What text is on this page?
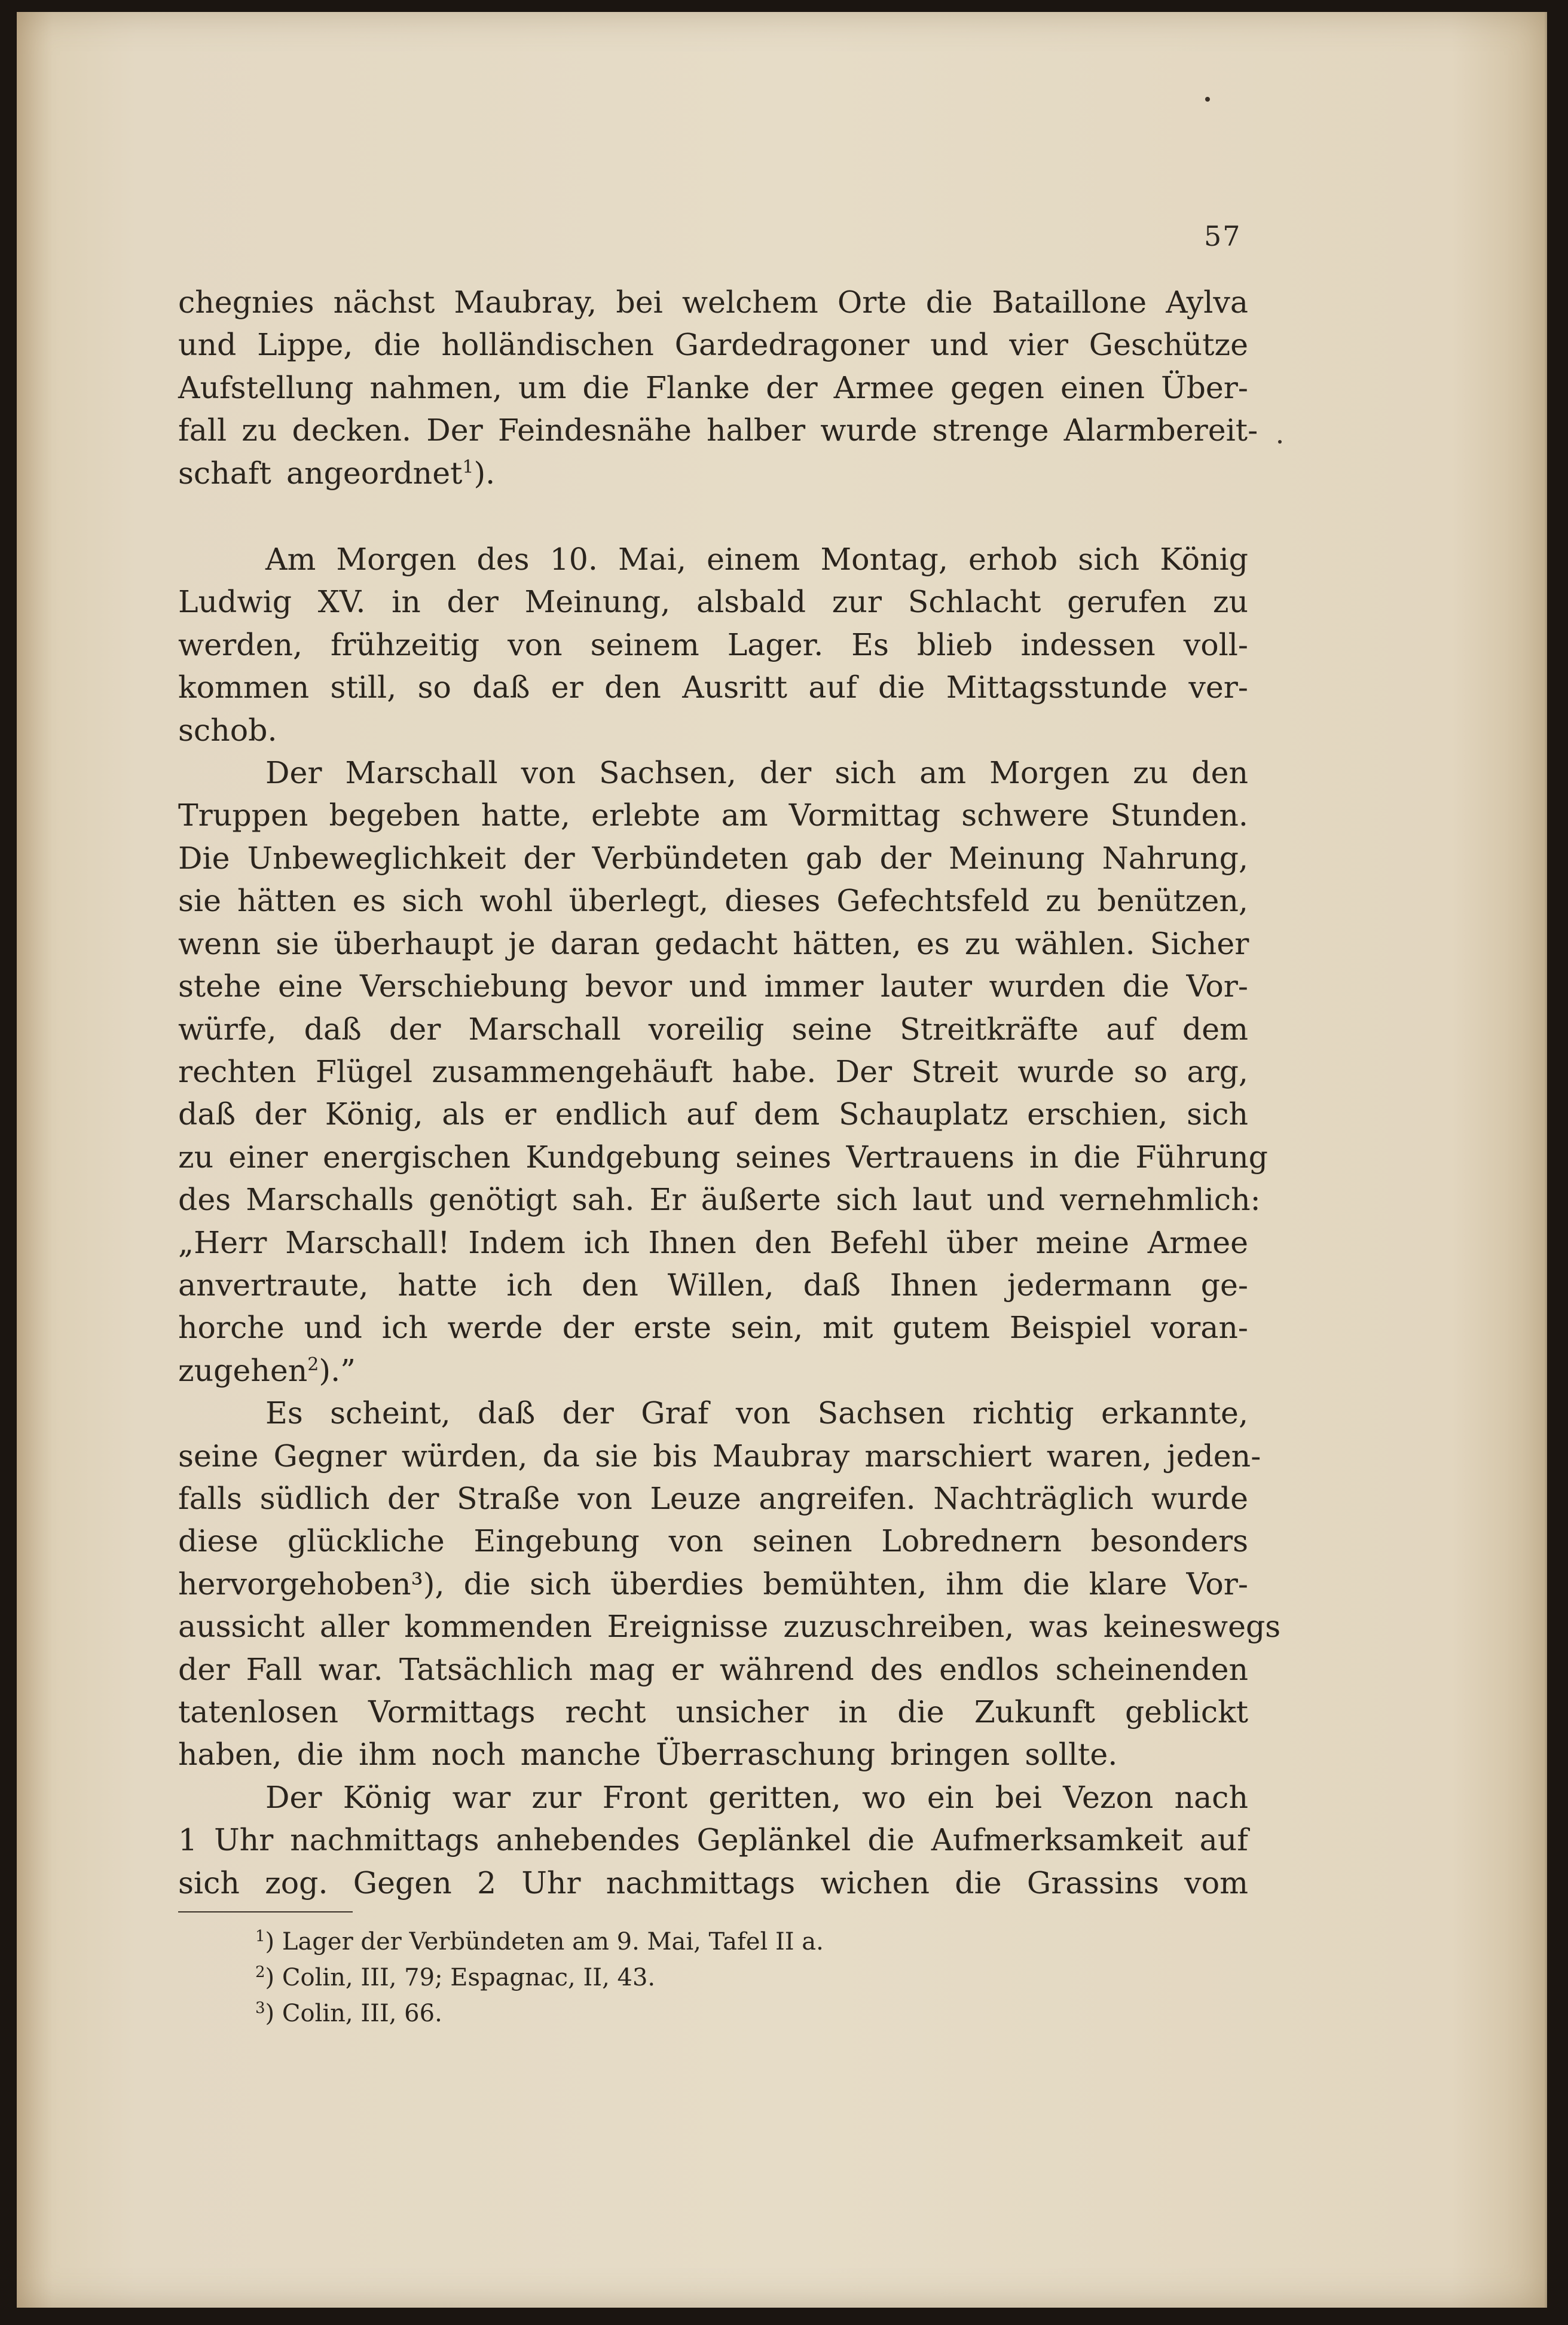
57

chegnies nächst Maubray, bei welchem Orte die Bataillone Aylva
und Lippe, die holländischen Gardedragoner und vier Geschütze
Aufstellung nahmen, um die Flanke der Armee gegen einen Über-
fall zu decken. Der Feindesnähe halber wurde strenge Alarmbereit-
schaft angeordnet$^1$).

Am Morgen des 10. Mai, einem Montag, erhob sich König
Ludwig XV. in der Meinung, alsbald zur Schlacht gerufen zu
werden, frühzeitig von seinem Lager. Es blieb indessen voll-
kommen still, so daß er den Ausritt auf die Mittagsstunde ver-
schob.

Der Marschall von Sachsen, der sich am Morgen zu den
Truppen begeben hatte, erlebte am Vormittag schwere Stunden.
Die Unbeweglichkeit der Verbündeten gab der Meinung Nahrung,
sie hätten es sich wohl überlegt, dieses Gefechtsfeld zu benützen,
wenn sie überhaupt je daran gedacht hätten, es zu wählen. Sicher
stehe eine Verschiebung bevor und immer lauter wurden die Vor-
würfe, daß der Marschall voreilig seine Streitkräfte auf dem
rechten Flügel zusammengehäuft habe. Der Streit wurde so arg,
daß der König, als er endlich auf dem Schauplatz erschien, sich
zu einer energischen Kundgebung seines Vertrauens in die Führung
des Marschalls genötigt sah. Er äußerte sich laut und vernehmlich:
„Herr Marschall! Indem ich Ihnen den Befehl über meine Armee
anvertraute, hatte ich den Willen, daß Ihnen jedermann ge-
horche und ich werde der erste sein, mit gutem Beispiel voran-
zugehen$^2$).”

Es scheint, daß der Graf von Sachsen richtig erkannte,
seine Gegner würden, da sie bis Maubray marschiert waren, jeden-
falls südlich der Straße von Leuze angreifen. Nachträglich wurde
diese glückliche Eingebung von seinen Lobrednern besonders
hervorgehoben³), die sich überdies bemühten, ihm die klare Vor-
aussicht aller kommenden Ereignisse zuzuschreiben, was keineswegs
der Fall war. Tatsächlich mag er während des endlos scheinenden
tatenlosen Vormittags recht unsicher in die Zukunft geblickt
haben, die ihm noch manche Überraschung bringen sollte.

Der König war zur Front geritten, wo ein bei Vezon nach
1 Uhr nachmittags anhebendes Geplänkel die Aufmerksamkeit auf
sich zog. Gegen 2 Uhr nachmittags wichen die Grassins vom

$^1$) Lager der Verbündeten am 9. Mai, Tafel II a.
$^2$) Colin, III, 79; Espagnac, II, 43.
$^3$) Colin, III, 66.
